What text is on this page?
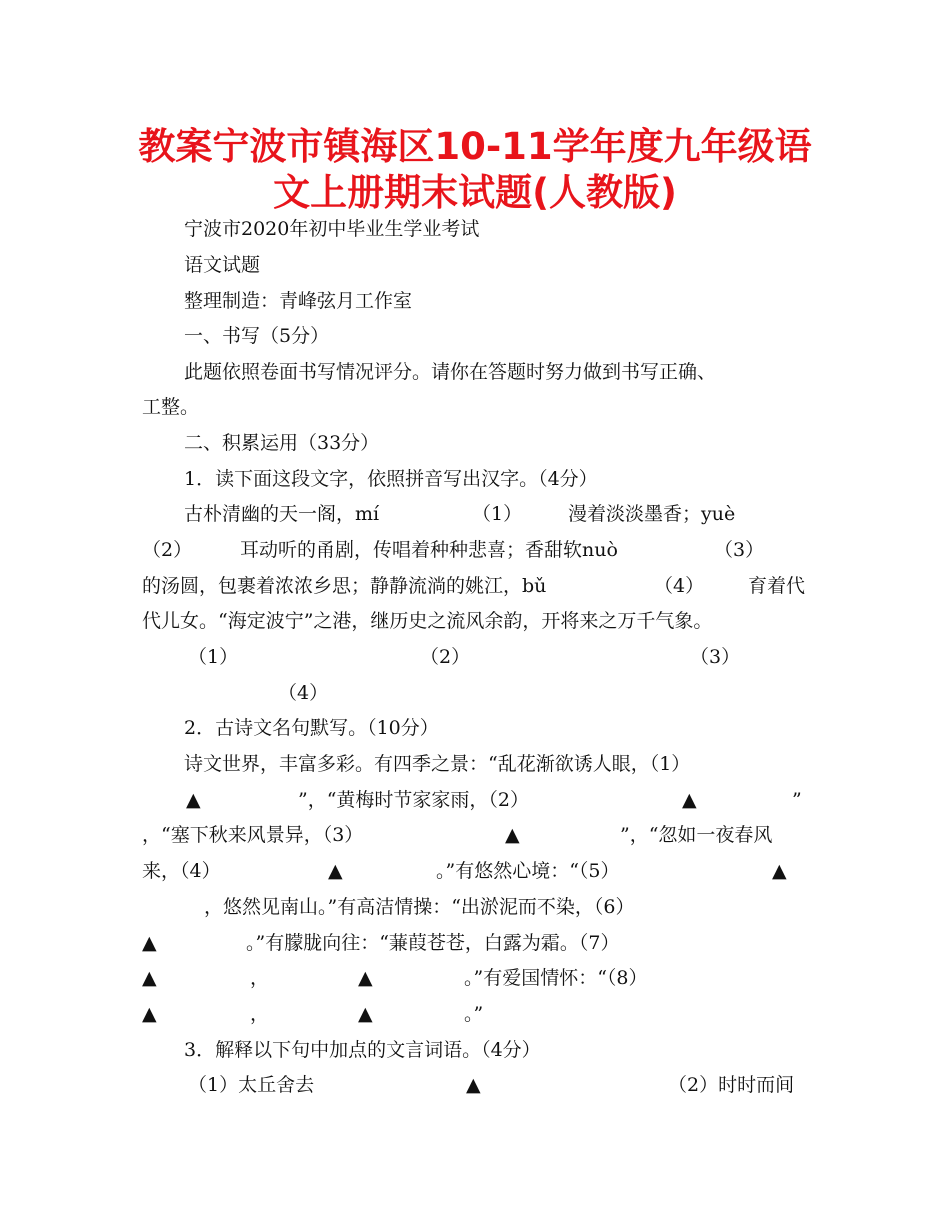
教案宁波市镇海区10-11学年度九年级语
文上册期末试题(人教版)
宁波市2020年初中毕业生学业考试
语文试题
整理制造：青峰弦月工作室
一、书写（5分）
此题依照卷面书写情况评分。请你在答题时努力做到书写正确、
工整。
二、积累运用（33分）
1．读下面这段文字，依照拼音写出汉字。（4分）
古朴清幽的天一阁，mí	（1） 漫着淡淡墨香；yuè
（2）	耳动听的甬剧，传唱着种种悲喜；香甜软nuò	（3）
的汤圆，包裹着浓浓乡思；静静流淌的姚江，bǔ	（4） 育着代
代儿女。“海定波宁”之港，继历史之流风余韵，开将来之万千气象。
（1）	（2）	（3）
（4）
2．古诗文名句默写。（10分）
诗文世界，丰富多彩。有四季之景：“乱花渐欲诱人眼，（1）
▲	”，“黄梅时节家家雨，（2）	▲	”
，“塞下秋来风景异，（3）	▲	”，“忽如一夜春风
来，（4）	▲	。”有悠然心境：“（5）	▲
，悠然见南山。”有高洁情操：“出淤泥而不染，（6）
▲	。”有朦胧向往：“蒹葭苍苍，白露为霜。（7）
▲	，	▲	。”有爱国情怀：“（8）
▲	，	▲	。”
3．解释以下句中加点的文言词语。（4分）
（1）太丘舍去	▲	（2）时时而间
